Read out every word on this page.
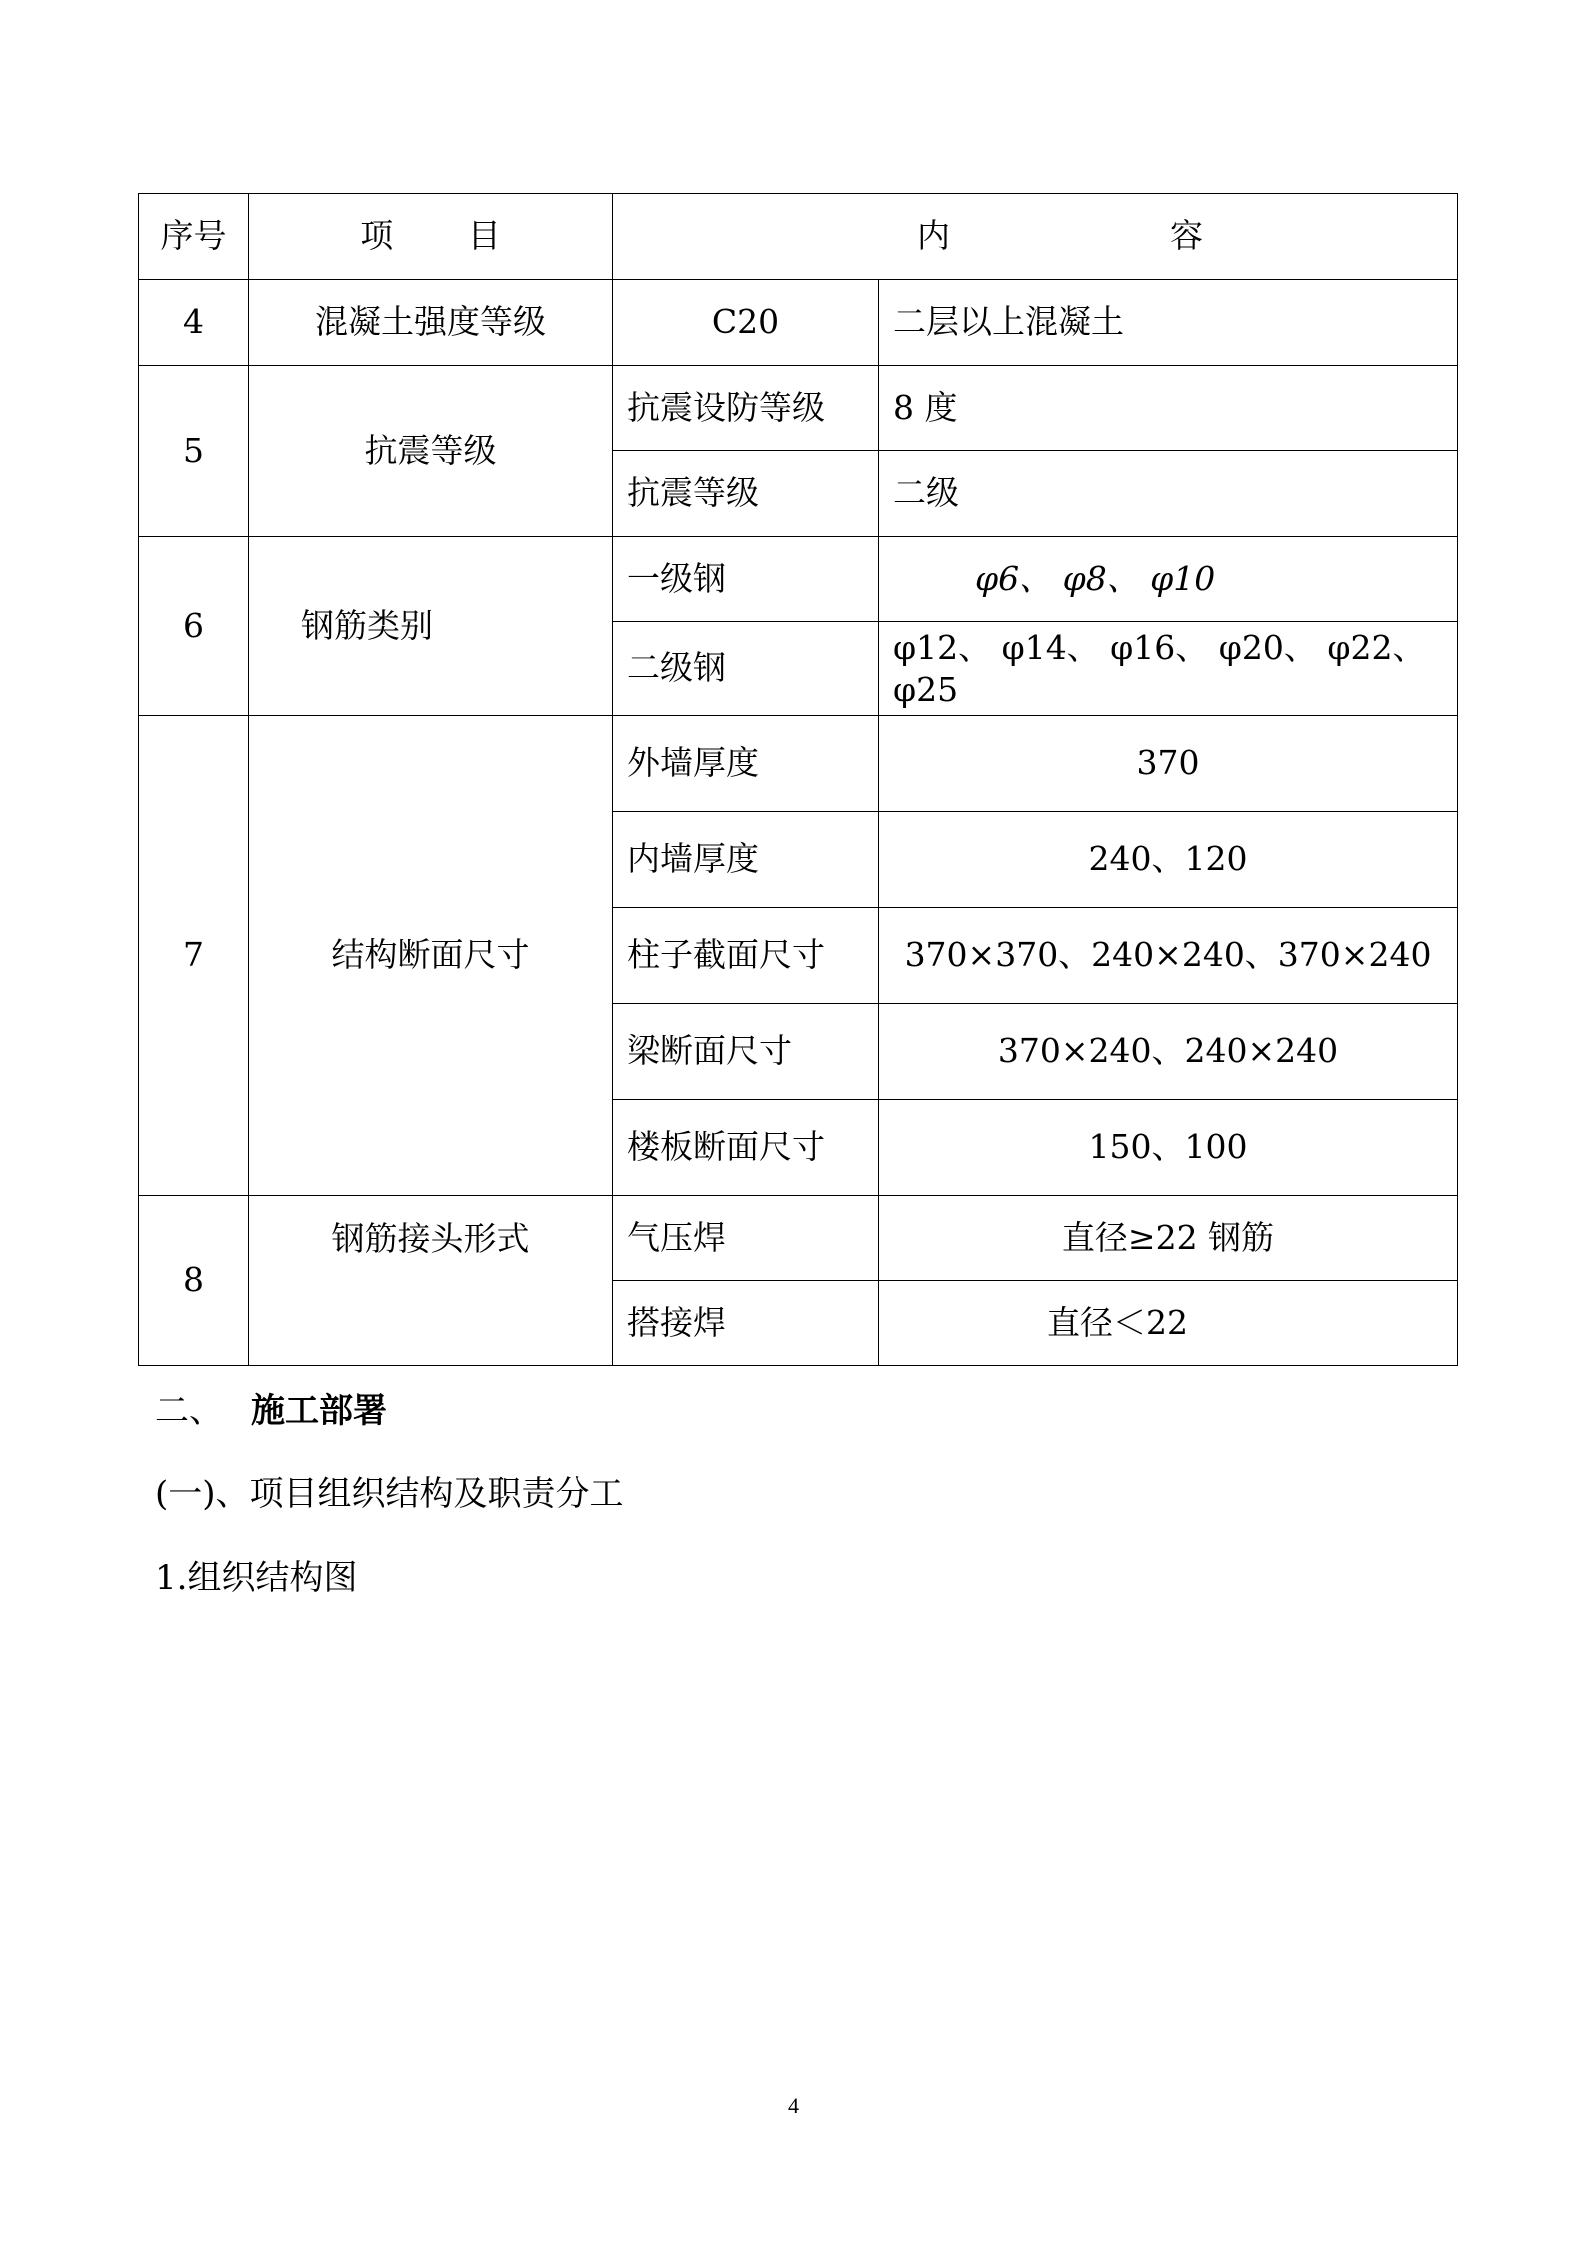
序号	项 目	内 容	

4	混凝土强度等级	C20	二层以上混凝土
5	抗震等级	抗震设防等级	8 度
		抗震等级	二级
6	钢筋类别	一级钢	φ6、 φ8、 φ10
		二级钢	φ12、 φ14、 φ16、 φ20、 φ22、 φ25
7	结构断面尺寸	外墙厚度	370
		内墙厚度	240、120
		柱子截面尺寸	370×370、240×240、370×240
		梁断面尺寸	370×240、240×240
		楼板断面尺寸	150、100
8	钢筋接头形式	气压焊	直径≥22 钢筋
		搭接焊	直径＜22
二、 施工部署
(一)、项目组织结构及职责分工
1.组织结构图
4
